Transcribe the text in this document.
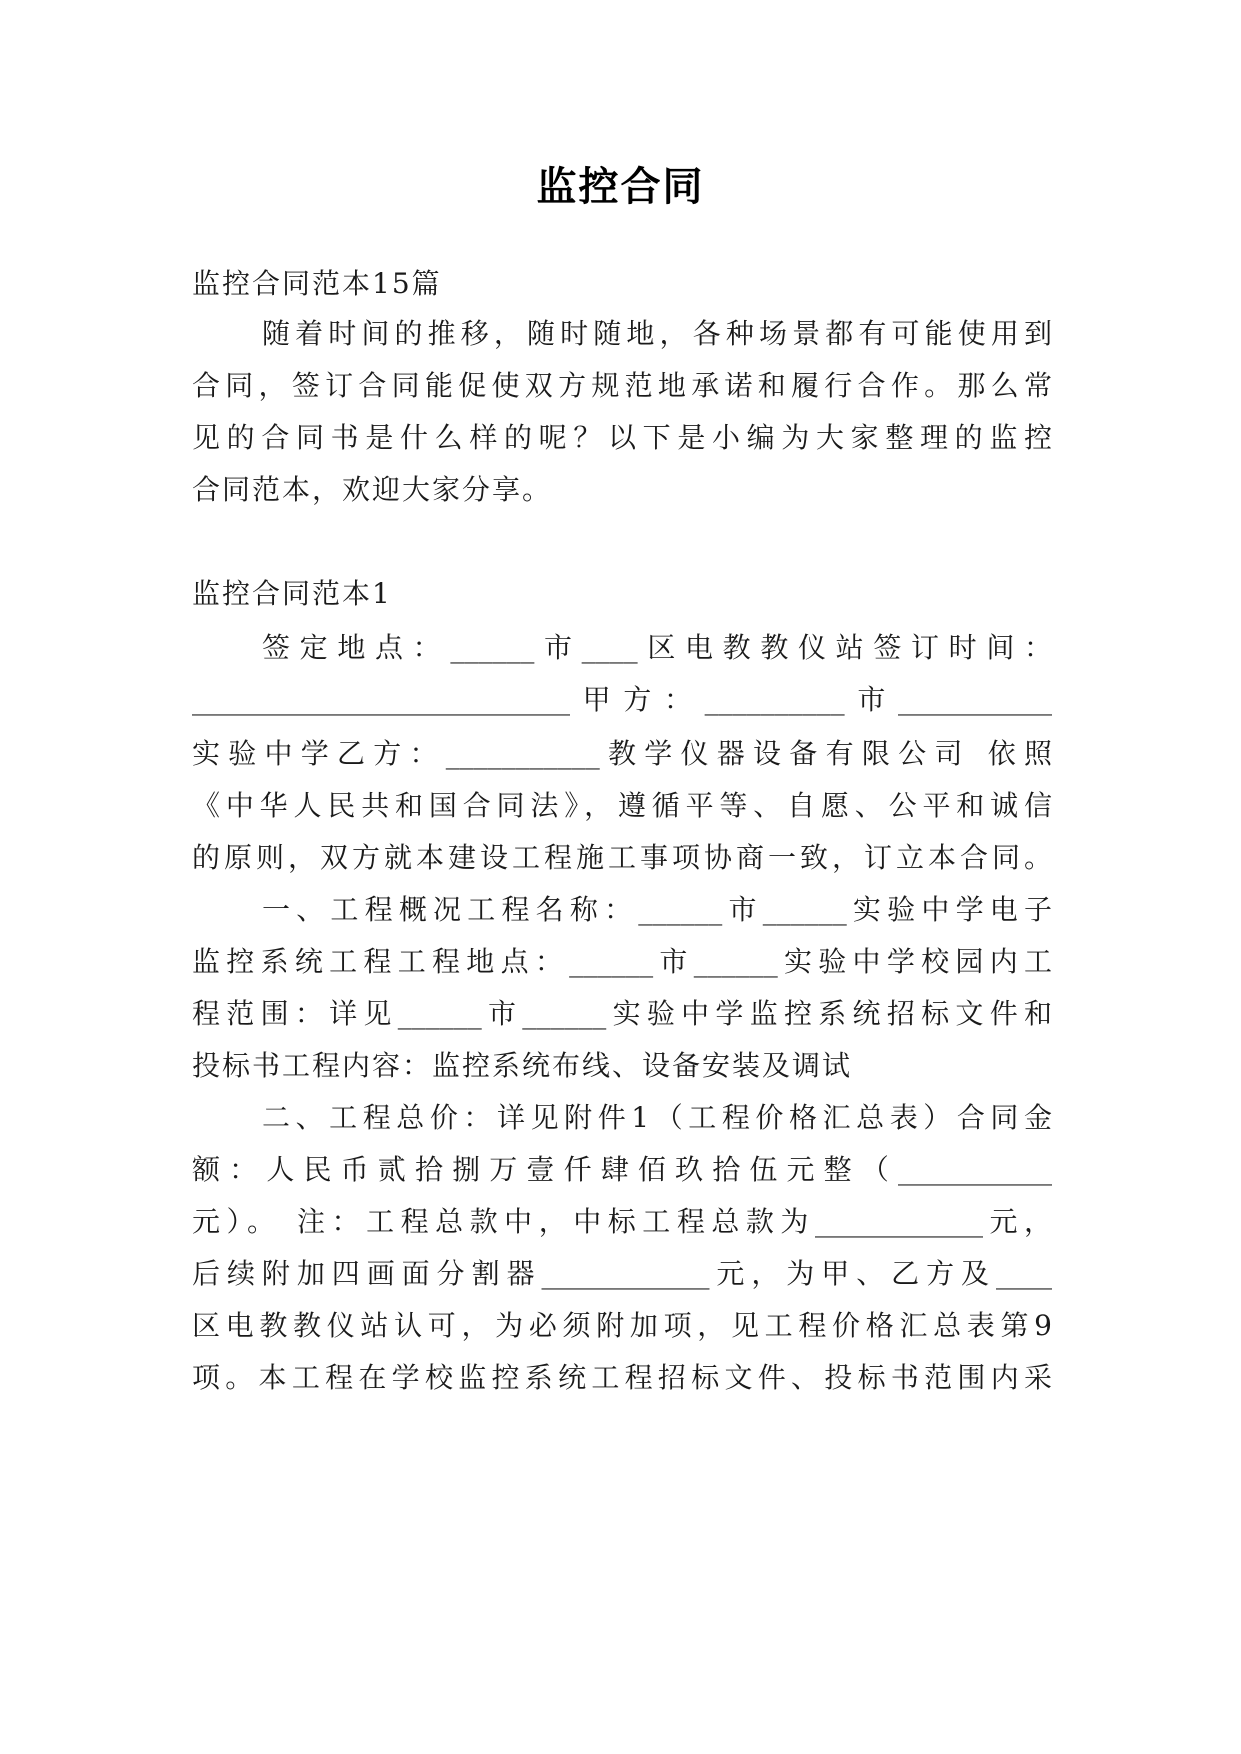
监控合同
监控合同范本15篇
随着时间的推移，随时随地，各种场景都有可能使用到
合同，签订合同能促使双方规范地承诺和履行合作。那么常
见的合同书是什么样的呢？以下是小编为大家整理的监控
合同范本，欢迎大家分享。
监控合同范本1
签定地点：______市____区电教教仪站签订时间：
___________________________甲方：__________市___________
实验中学乙方：___________教学仪器设备有限公司 依照
《中华人民共和国合同法》，遵循平等、自愿、公平和诚信
的原则，双方就本建设工程施工事项协商一致，订立本合同。
一、工程概况工程名称：______市______实验中学电子
监控系统工程工程地点：______市______实验中学校园内工
程范围：详见______市______实验中学监控系统招标文件和
投标书工程内容：监控系统布线、设备安装及调试
二、工程总价：详见附件1（工程价格汇总表）合同金
额：人民币贰拾捌万壹仟肆佰玖拾伍元整（___________
元）。 注：工程总款中，中标工程总款为____________元，
后续附加四画面分割器____________元，为甲、乙方及____
区电教教仪站认可，为必须附加项，见工程价格汇总表第9
项。本工程在学校监控系统工程招标文件、投标书范围内采
